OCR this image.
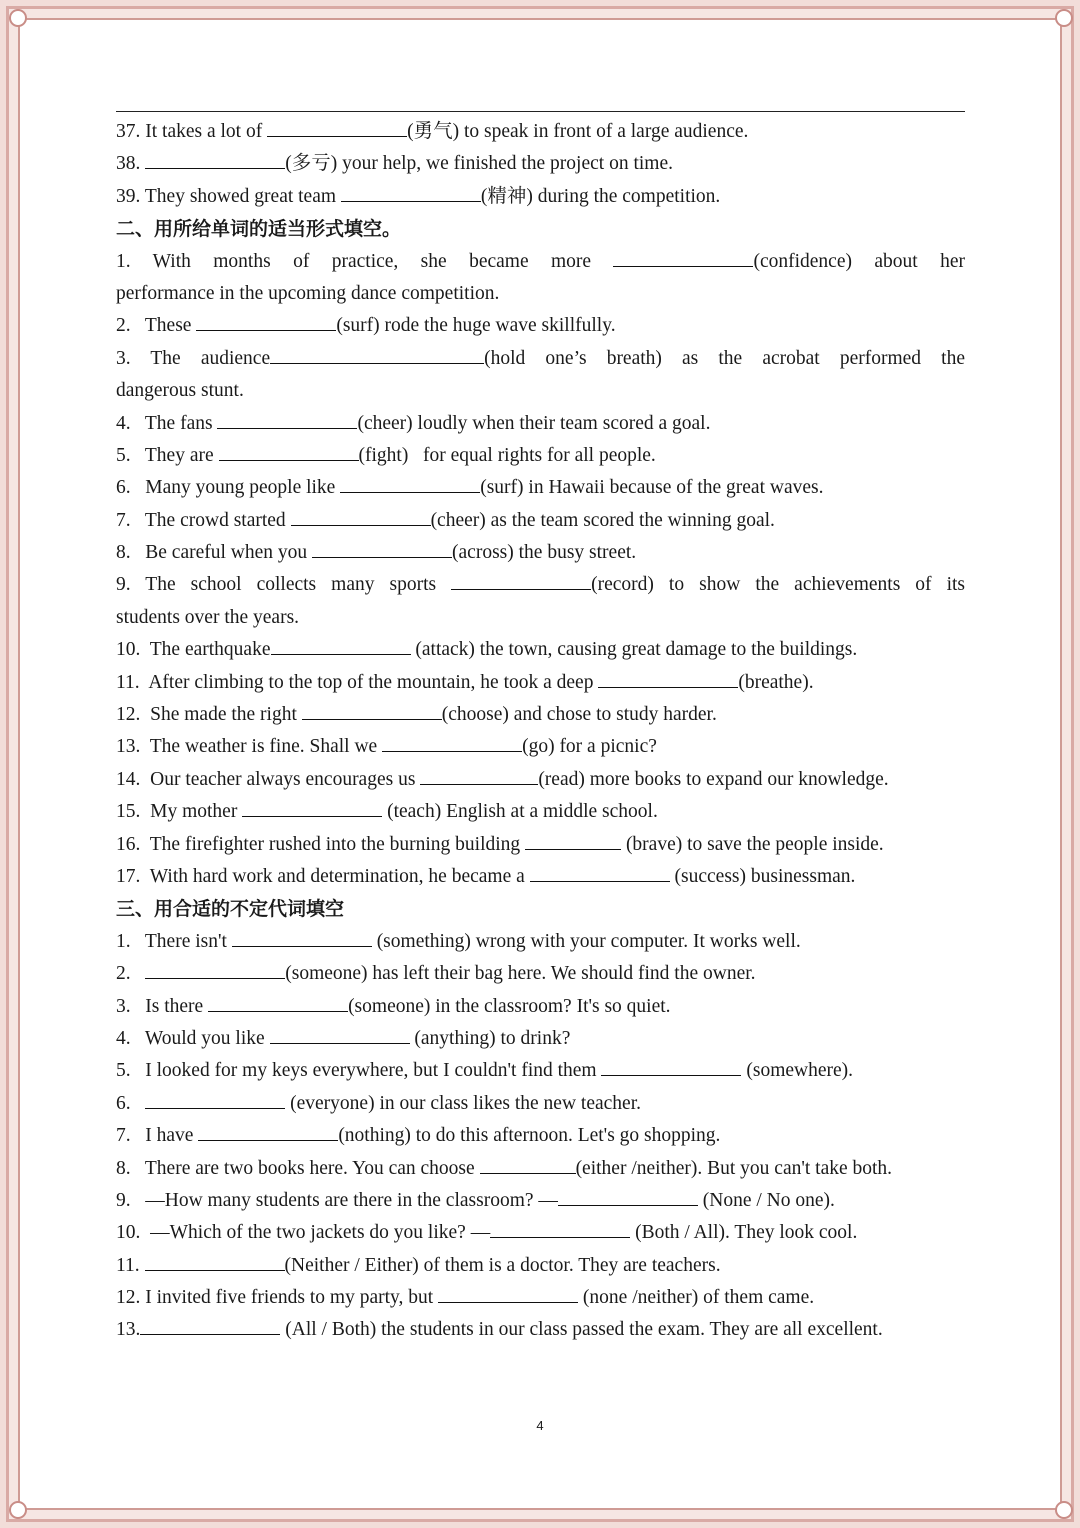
37. It takes a lot of	(勇气) to speak in front of a large audience.
38.	(多亏) your help, we finished the project on time.
39. They showed great team	(精神) during the competition.
二、用所给单词的适当形式填空。
1. With months of practice, she became more	(confidence) about her
performance in the upcoming dance competition.
2.   These	(surf) rode the huge wave skillfully.
3. The audience	(hold one’s breath) as the acrobat performed the
dangerous stunt.
4.   The fans	(cheer) loudly when their team scored a goal.
5.   They are	(fight)   for equal rights for all people.
6.   Many young people like	(surf) in Hawaii because of the great waves.
7.   The crowd started	(cheer) as the team scored the winning goal.
8.   Be careful when you	(across) the busy street.
9. The school collects many sports	(record) to show the achievements of its
students over the years.
10.  The earthquake	(attack) the town, causing great damage to the buildings.
11.  After climbing to the top of the mountain, he took a deep	(breathe).
12.  She made the right	(choose) and chose to study harder.
13.  The weather is fine. Shall we	(go) for a picnic?
14.  Our teacher always encourages us	(read) more books to expand our knowledge.
15.  My mother	(teach) English at a middle school.
16.  The firefighter rushed into the burning building	(brave) to save the people inside.
17.  With hard work and determination, he became a	(success) businessman.
三、用合适的不定代词填空
1.   There isn't	(something) wrong with your computer. It works well.
2.	(someone) has left their bag here. We should find the owner.
3.   Is there	(someone) in the classroom? It's so quiet.
4.   Would you like	(anything) to drink?
5.   I looked for my keys everywhere, but I couldn't find them	(somewhere).
6.	(everyone) in our class likes the new teacher.
7.   I have	(nothing) to do this afternoon. Let's go shopping.
8.   There are two books here. You can choose	(either /neither). But you can't take both.
9.   —How many students are there in the classroom? —	(None / No one).
10.  —Which of the two jackets do you like? —	(Both / All). They look cool.
11.	(Neither / Either) of them is a doctor. They are teachers.
12. I invited five friends to my party, but	(none /neither) of them came.
13.	(All / Both) the students in our class passed the exam. They are all excellent.
4
